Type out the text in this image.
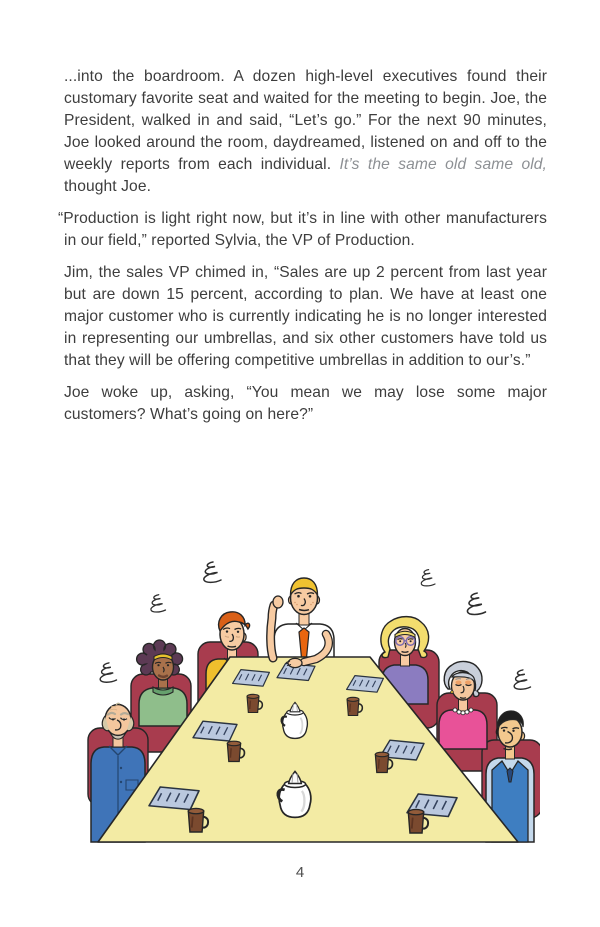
...into the boardroom. A dozen high-level executives found their customary favorite seat and waited for the meeting to begin. Joe, the President, walked in and said, “Let’s go.” For the next 90 minutes, Joe looked around the room, daydreamed, listened on and off to the weekly reports from each individual. It’s the same old same old, thought Joe.

“Production is light right now, but it’s in line with other manufacturers in our field,” reported Sylvia, the VP of Production.

Jim, the sales VP chimed in, “Sales are up 2 percent from last year but are down 15 percent, according to plan. We have at least one major customer who is currently indicating he is no longer interested in representing our umbrellas, and six other customers have told us that they will be offering competitive umbrellas in addition to our’s.”

Joe woke up, asking, “You mean we may lose some major customers? What’s going on here?”

4
